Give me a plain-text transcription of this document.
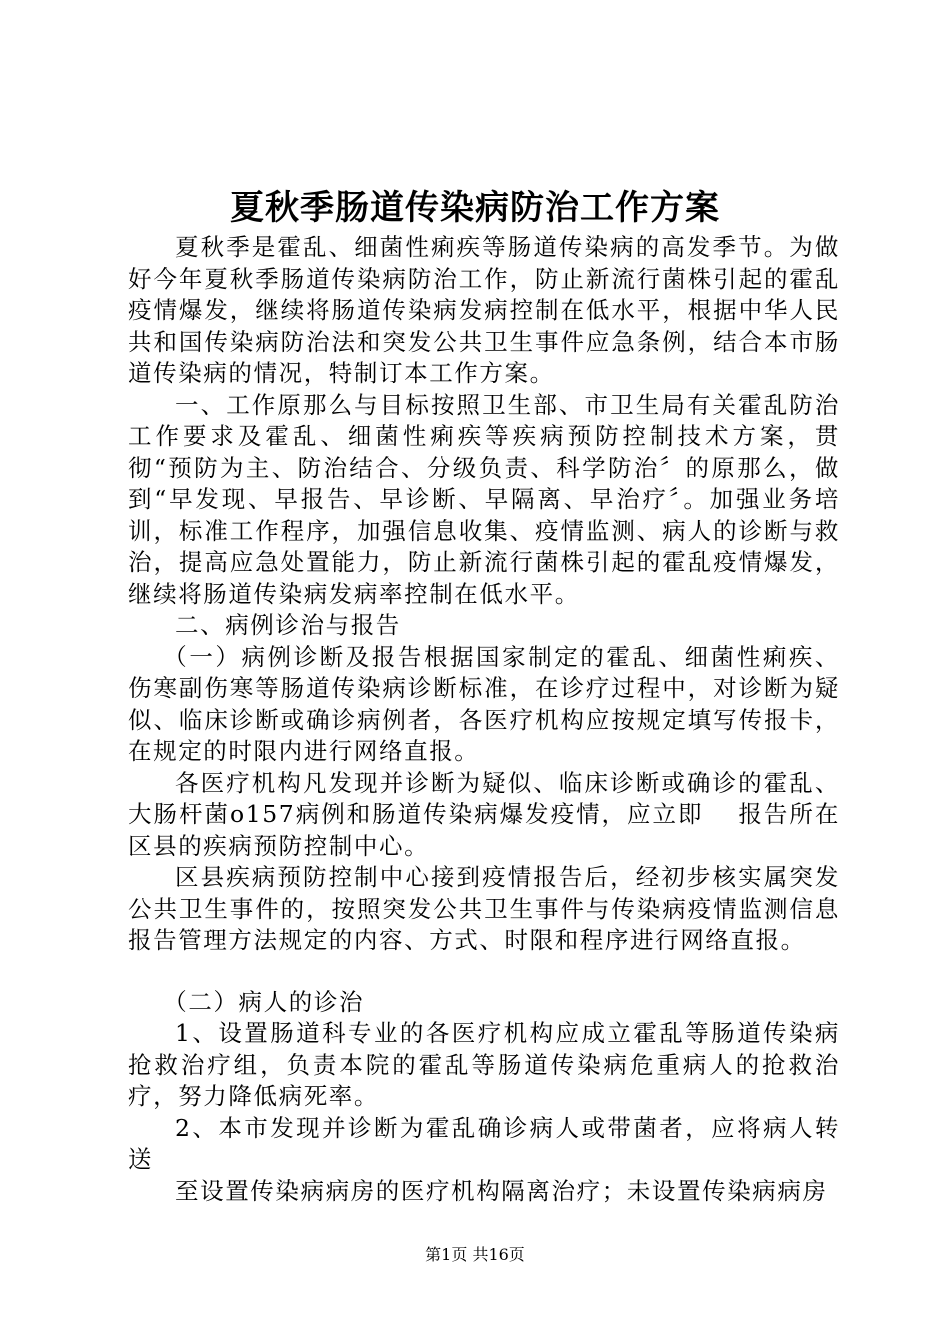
夏秋季肠道传染病防治工作方案

夏秋季是霍乱、细菌性痢疾等肠道传染病的高发季节。为做好今年夏秋季肠道传染病防治工作，防止新流行菌株引起的霍乱疫情爆发，继续将肠道传染病发病控制在低水平，根据中华人民共和国传染病防治法和突发公共卫生事件应急条例，结合本市肠道传染病的情况，特制订本工作方案。

一、工作原那么与目标按照卫生部、市卫生局有关霍乱防治工作要求及霍乱、细菌性痢疾等疾病预防控制技术方案，贯彻“预防为主、防治结合、分级负责、科学防治〞的原那么，做到“早发现、早报告、早诊断、早隔离、早治疗〞。加强业务培训，标准工作程序，加强信息收集、疫情监测、病人的诊断与救治，提高应急处置能力，防止新流行菌株引起的霍乱疫情爆发，继续将肠道传染病发病率控制在低水平。

二、病例诊治与报告

（一）病例诊断及报告根据国家制定的霍乱、细菌性痢疾、伤寒副伤寒等肠道传染病诊断标准，在诊疗过程中，对诊断为疑似、临床诊断或确诊病例者，各医疗机构应按规定填写传报卡，在规定的时限内进行网络直报。

各医疗机构凡发现并诊断为疑似、临床诊断或确诊的霍乱、大肠杆菌o157病例和肠道传染病爆发疫情，应立即　 报告所在区县的疾病预防控制中心。

区县疾病预防控制中心接到疫情报告后，经初步核实属突发公共卫生事件的，按照突发公共卫生事件与传染病疫情监测信息报告管理方法规定的内容、方式、时限和程序进行网络直报。

（二）病人的诊治

1、设置肠道科专业的各医疗机构应成立霍乱等肠道传染病抢救治疗组，负责本院的霍乱等肠道传染病危重病人的抢救治疗，努力降低病死率。

2、本市发现并诊断为霍乱确诊病人或带菌者，应将病人转送

至设置传染病病房的医疗机构隔离治疗；未设置传染病病房

第1页 共16页
